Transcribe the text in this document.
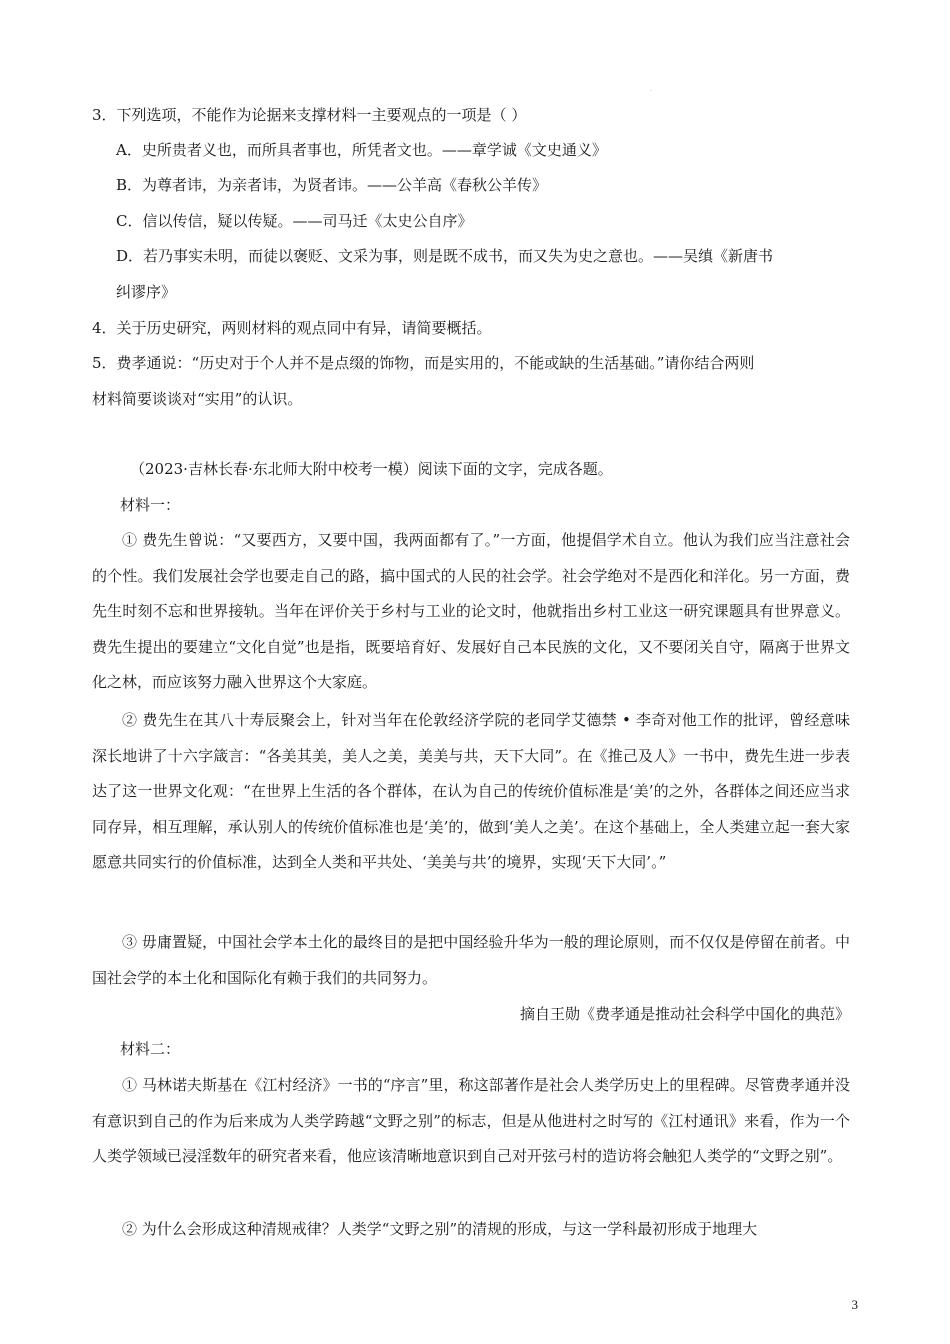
.
3．下列选项，不能作为论据来支撑材料一主要观点的一项是（ ）
A．史所贵者义也，而所具者事也，所凭者文也。——章学诚《文史通义》
B．为尊者讳，为亲者讳，为贤者讳。——公羊高《春秋公羊传》
C．信以传信，疑以传疑。——司马迁《太史公自序》
D．若乃事实未明，而徒以褒贬、文采为事，则是既不成书，而又失为史之意也。——吴缜《新唐书
纠谬序》
4．关于历史研究，两则材料的观点同中有异，请简要概括。
5．费孝通说：“历史对于个人并不是点缀的饰物，而是实用的，不能或缺的生活基础。”请你结合两则
材料简要谈谈对“实用”的认识。
（2023·吉林长春·东北师大附中校考一模）阅读下面的文字，完成各题。
材料一：
① 费先生曾说：“又要西方，又要中国，我两面都有了。”一方面，他提倡学术自立。他认为我们应当注意社会的个性。我们发展社会学也要走自己的路，搞中国式的人民的社会学。社会学绝对不是西化和洋化。另一方面，费先生时刻不忘和世界接轨。当年在评价关于乡村与工业的论文时，他就指出乡村工业这一研究课题具有世界意义。费先生提出的要建立“文化自觉”也是指，既要培育好、发展好自己本民族的文化，又不要闭关自守，隔离于世界文化之林，而应该努力融入世界这个大家庭。
② 费先生在其八十寿辰聚会上，针对当年在伦敦经济学院的老同学艾德禁 • 李奇对他工作的批评，曾经意味深长地讲了十六字箴言：“各美其美，美人之美，美美与共，天下大同”。在《推己及人》一书中，费先生进一步表达了这一世界文化观：“在世界上生活的各个群体，在认为自己的传统价值标准是‘美’的之外，各群体之间还应当求同存异，相互理解，承认别人的传统价值标准也是‘美’的，做到‘美人之美’。在这个基础上，全人类建立起一套大家愿意共同实行的价值标准，达到全人类和平共处、‘美美与共’的境界，实现‘天下大同’。”
③ 毋庸置疑，中国社会学本土化的最终目的是把中国经验升华为一般的理论原则，而不仅仅是停留在前者。中国社会学的本土化和国际化有赖于我们的共同努力。
摘自王勋《费孝通是推动社会科学中国化的典范》
材料二：
① 马林诺夫斯基在《江村经济》一书的“序言”里，称这部著作是社会人类学历史上的里程碑。尽管费孝通并没有意识到自己的作为后来成为人类学跨越“文野之别”的标志，但是从他进村之时写的《江村通讯》来看，作为一个人类学领域已浸淫数年的研究者来看，他应该清晰地意识到自己对开弦弓村的造访将会触犯人类学的“文野之别”。
② 为什么会形成这种清规戒律？人类学“文野之别”的清规的形成，与这一学科最初形成于地理大
3
